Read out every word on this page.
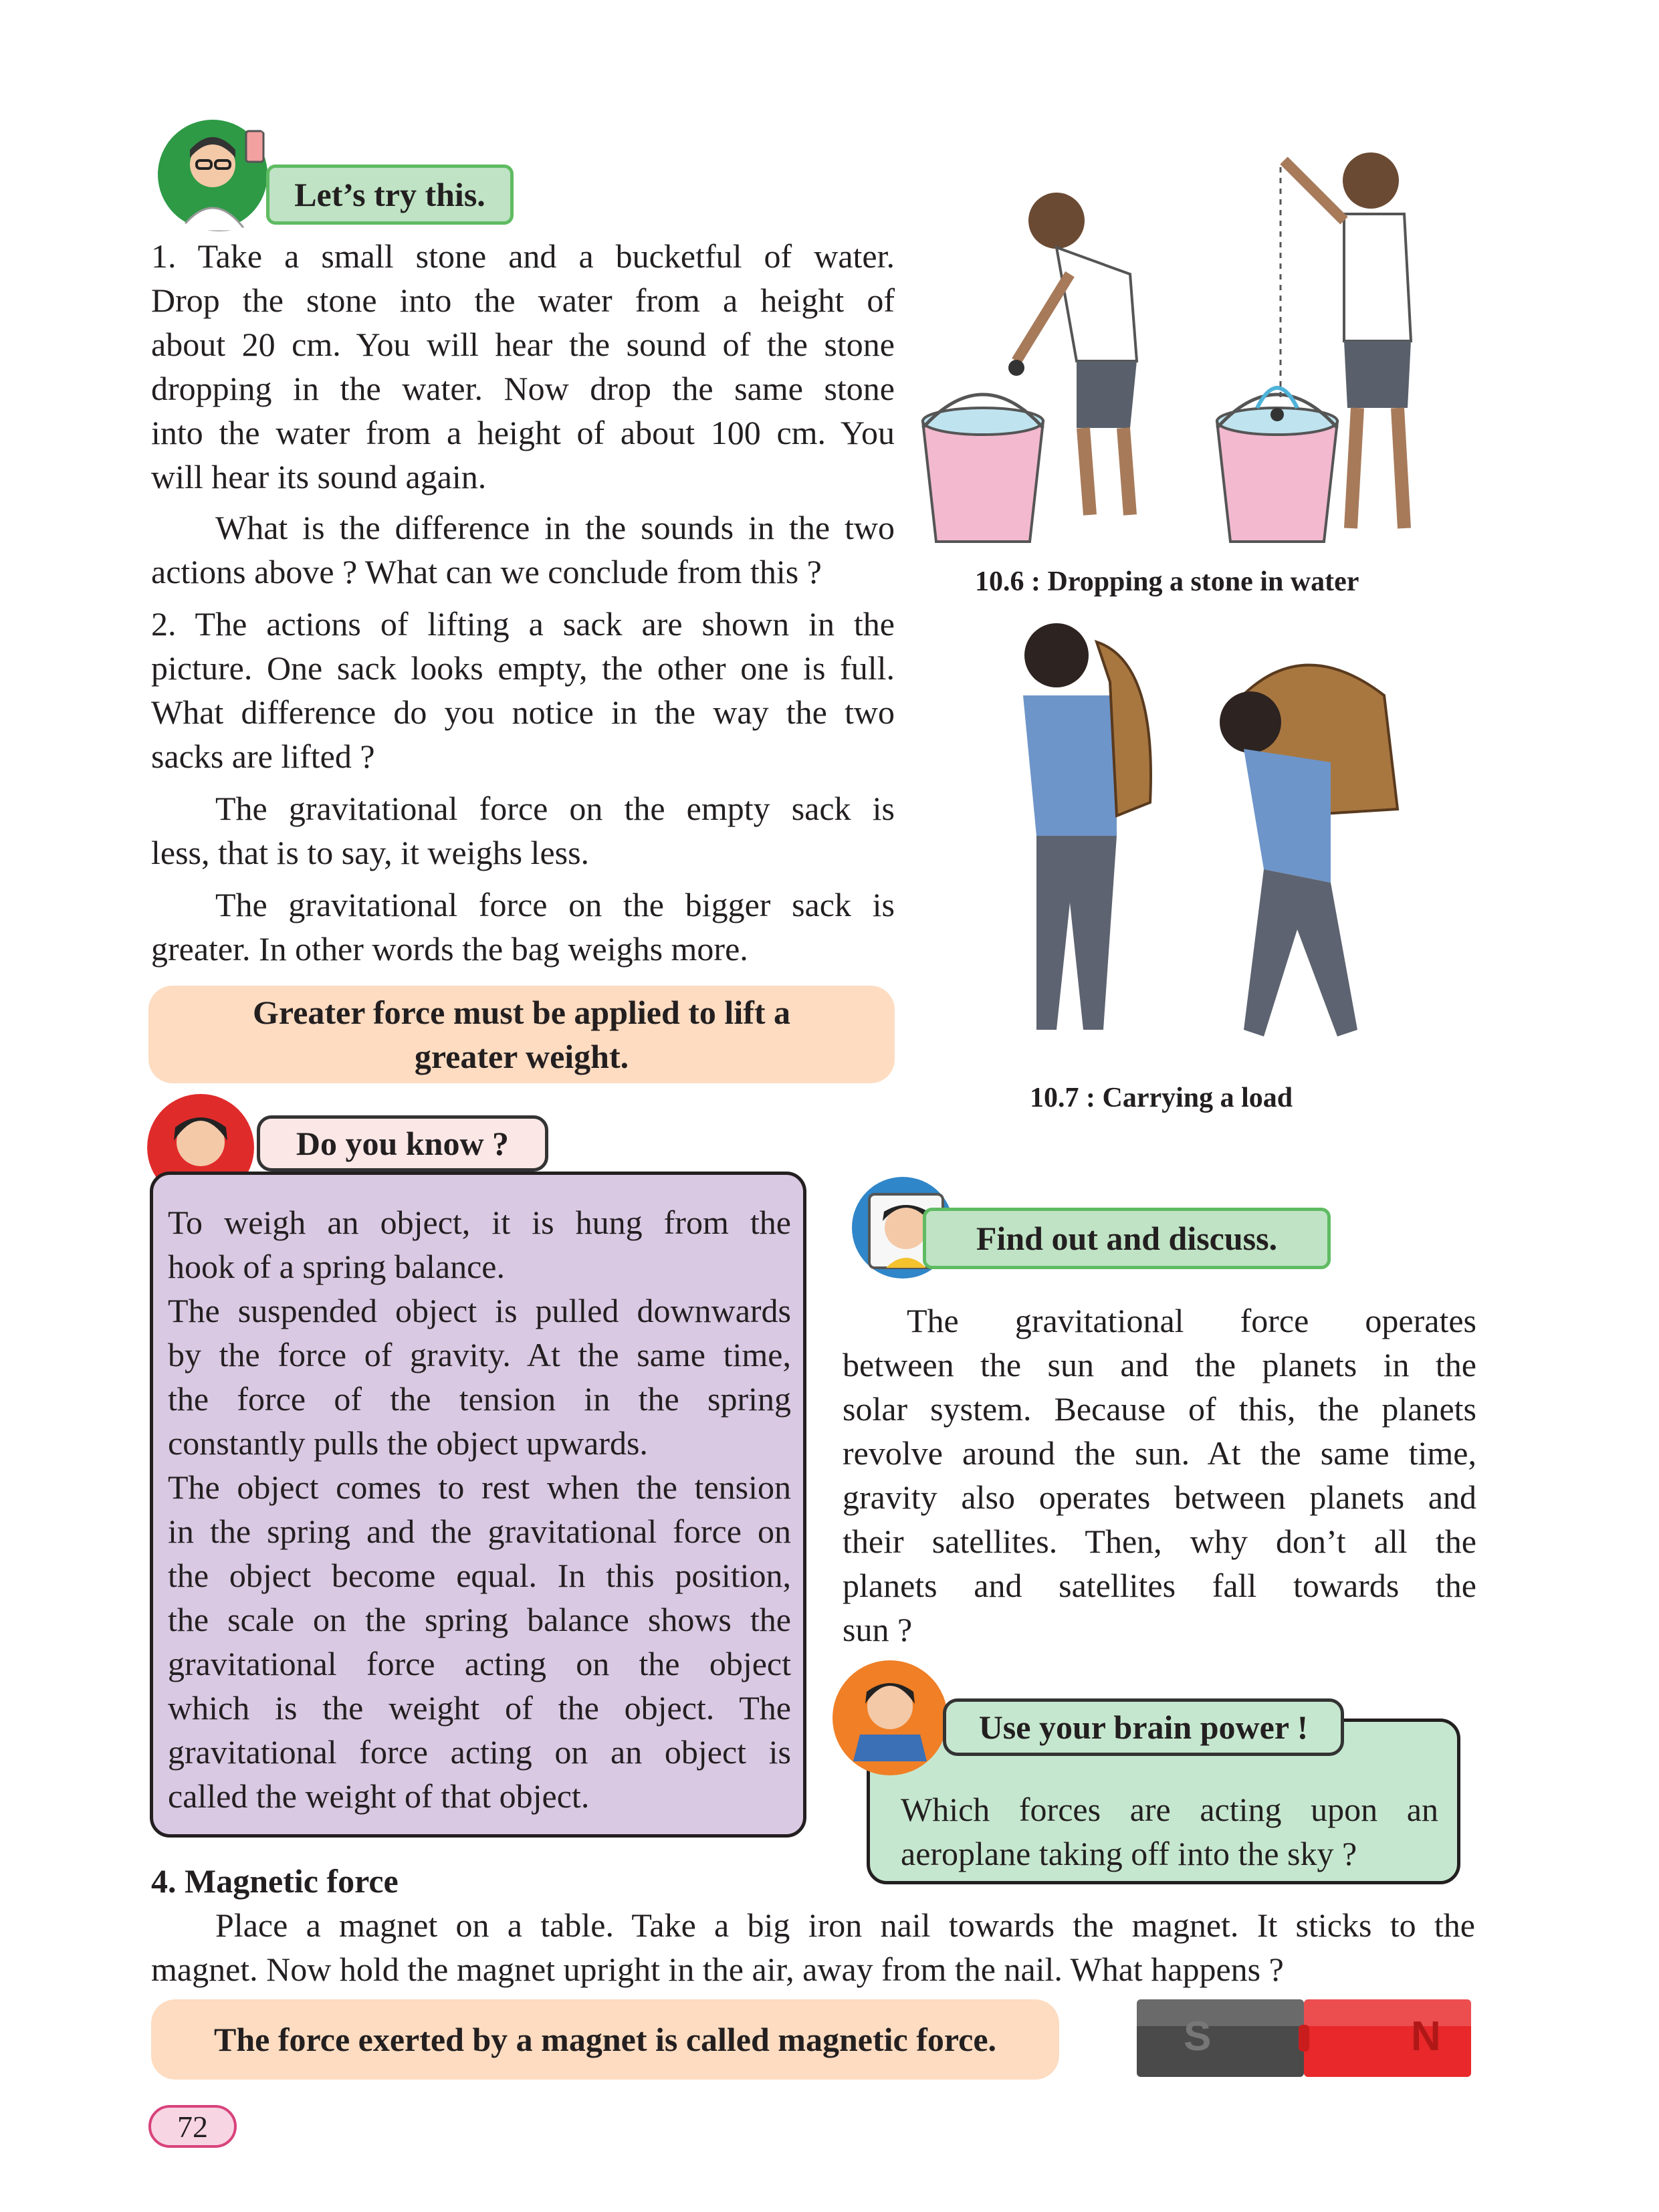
Let’s try this.
1. Take a small stone and a bucketful of water.
Drop the stone into the water from a height of
about 20 cm. You will hear the sound of the stone
dropping in the water. Now drop the same stone
into the water from a height of about 100 cm. You
will hear its sound again.
What is the difference in the sounds in the two
actions above ? What can we conclude from this ?
2. The actions of lifting a sack are shown in the
picture. One sack looks empty, the other one is full.
What difference do you notice in the way the two
sacks are lifted ?
The gravitational force on the empty sack is
less, that is to say, it weighs less.
The gravitational force on the bigger sack is
greater. In other words the bag weighs more.
Greater force must be applied to lift a
greater weight.
10.6 : Dropping a stone in water
10.7 : Carrying a load
Do you know ?
To weigh an object, it is hung from the
hook of a spring balance.
The suspended object is pulled downwards
by the force of gravity. At the same time,
the force of the tension in the spring
constantly pulls the object upwards.
The object comes to rest when the tension
in the spring and the gravitational force on
the object become equal. In this position,
the scale on the spring balance shows the
gravitational force acting on the object
which is the weight of the object. The
gravitational force acting on an object is
called the weight of that object.
Find out and discuss.
The gravitational force operates
between the sun and the planets in the
solar system. Because of this, the planets
revolve around the sun. At the same time,
gravity also operates between planets and
their satellites. Then, why don’t all the
planets and satellites fall towards the
sun ?
Which forces are acting upon an
aeroplane taking off into the sky ?
Use your brain power !
4. Magnetic force
Place a magnet on a table. Take a big iron nail towards the magnet. It sticks to the
magnet. Now hold the magnet upright in the air, away from the nail. What happens ?
The force exerted by a magnet is called magnetic force.	S	N
72
